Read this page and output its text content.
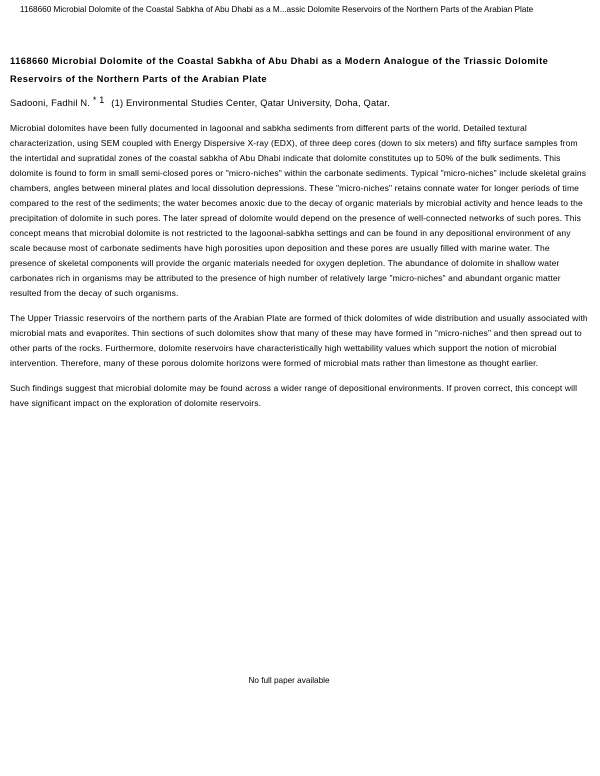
1168660 Microbial Dolomite of the Coastal Sabkha of Abu Dhabi as a M...assic Dolomite Reservoirs of the Northern Parts of the Arabian Plate
1168660 Microbial Dolomite of the Coastal Sabkha of Abu Dhabi as a Modern Analogue of the Triassic Dolomite Reservoirs of the Northern Parts of the Arabian Plate
Sadooni, Fadhil N. $^{* 1}$ (1) Environmental Studies Center, Qatar University, Doha, Qatar.

Microbial dolomites have been fully documented in lagoonal and sabkha sediments from different parts of the world. Detailed textural characterization, using SEM coupled with Energy Dispersive X-ray (EDX), of three deep cores (down to six meters) and fifty surface samples from the intertidal and supratidal zones of the coastal sabkha of Abu Dhabi indicate that dolomite constitutes up to 50% of the bulk sediments. This dolomite is found to form in small semi-closed pores or "micro-niches" within the carbonate sediments. Typical "micro-niches" include skeletal grains chambers, angles between mineral plates and local dissolution depressions. These "micro-niches" retains connate water for longer periods of time compared to the rest of the sediments; the water becomes anoxic due to the decay of organic materials by microbial activity and hence leads to the precipitation of dolomite in such pores. The later spread of dolomite would depend on the presence of well-connected networks of such pores. This concept means that microbial dolomite is not restricted to the lagoonal-sabkha settings and can be found in any depositional environment of any scale because most of carbonate sediments have high porosities upon deposition and these pores are usually filled with marine water. The presence of skeletal components will provide the organic materials needed for oxygen depletion. The abundance of dolomite in shallow water carbonates rich in organisms may be attributed to the presence of high number of relatively large "micro-niches" and abundant organic matter resulted from the decay of such organisms.

The Upper Triassic reservoirs of the northern parts of the Arabian Plate are formed of thick dolomites of wide distribution and usually associated with microbial mats and evaporites. Thin sections of such dolomites show that many of these may have formed in "micro-niches" and then spread out to other parts of the rocks. Furthermore, dolomite reservoirs have characteristically high wettability values which support the notion of microbial intervention. Therefore, many of these porous dolomite horizons were formed of microbial mats rather than limestone as thought earlier.

Such findings suggest that microbial dolomite may be found across a wider range of depositional environments. If proven correct, this concept will have significant impact on the exploration of dolomite reservoirs.

No full paper available
